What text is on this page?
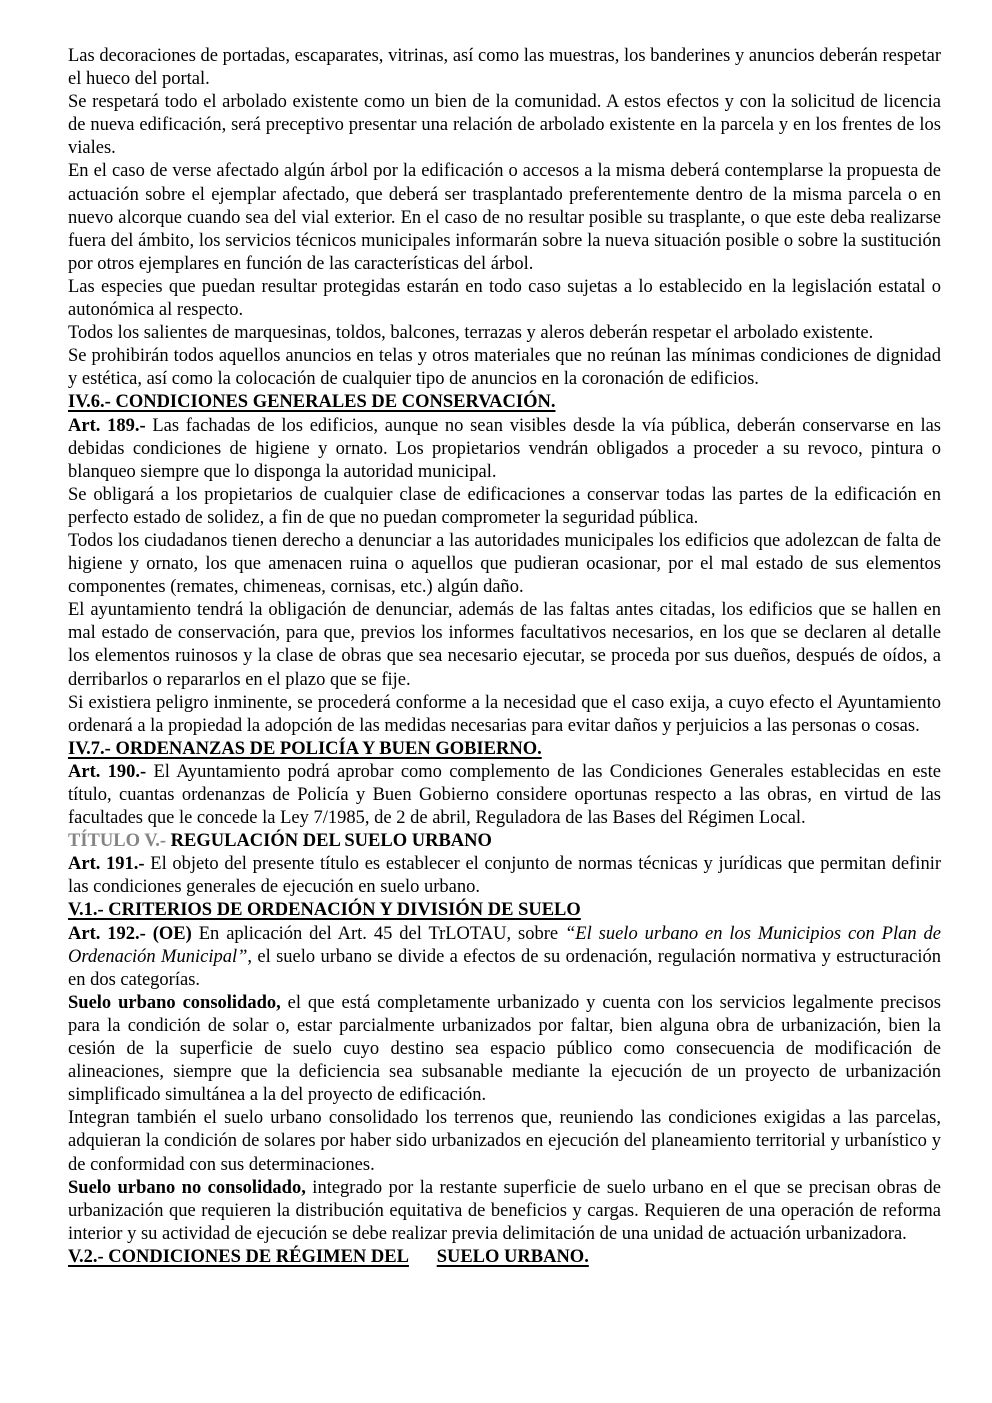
Las decoraciones de portadas, escaparates, vitrinas, así como las muestras, los banderines y anuncios deberán respetar el hueco del portal.

Se respetará todo el arbolado existente como un bien de la comunidad. A estos efectos y con la solicitud de licencia de nueva edificación, será preceptivo presentar una relación de arbolado existente en la parcela y en los frentes de los viales.

En el caso de verse afectado algún árbol por la edificación o accesos a la misma deberá contemplarse la propuesta de actuación sobre el ejemplar afectado, que deberá ser trasplantado preferentemente dentro de la misma parcela o en nuevo alcorque cuando sea del vial exterior. En el caso de no resultar posible su trasplante, o que este deba realizarse fuera del ámbito, los servicios técnicos municipales informarán sobre la nueva situación posible o sobre la sustitución por otros ejemplares en función de las características del árbol.

Las especies que puedan resultar protegidas estarán en todo caso sujetas a lo establecido en la legislación estatal o autonómica al respecto.

Todos los salientes de marquesinas, toldos, balcones, terrazas y aleros deberán respetar el arbolado existente.

Se prohibirán todos aquellos anuncios en telas y otros materiales que no reúnan las mínimas condiciones de dignidad y estética, así como la colocación de cualquier tipo de anuncios en la coronación de edificios.

IV.6.- CONDICIONES GENERALES DE CONSERVACIÓN.

Art. 189.- Las fachadas de los edificios, aunque no sean visibles desde la vía pública, deberán conservarse en las debidas condiciones de higiene y ornato. Los propietarios vendrán obligados a proceder a su revoco, pintura o blanqueo siempre que lo disponga la autoridad municipal.

Se obligará a los propietarios de cualquier clase de edificaciones a conservar todas las partes de la edificación en perfecto estado de solidez, a fin de que no puedan comprometer la seguridad pública.

Todos los ciudadanos tienen derecho a denunciar a las autoridades municipales los edificios que adolezcan de falta de higiene y ornato, los que amenacen ruina o aquellos que pudieran ocasionar, por el mal estado de sus elementos componentes (remates, chimeneas, cornisas, etc.) algún daño.

El ayuntamiento tendrá la obligación de denunciar, además de las faltas antes citadas, los edificios que se hallen en mal estado de conservación, para que, previos los informes facultativos necesarios, en los que se declaren al detalle los elementos ruinosos y la clase de obras que sea necesario ejecutar, se proceda por sus dueños, después de oídos, a derribarlos o repararlos en el plazo que se fije.

Si existiera peligro inminente, se procederá conforme a la necesidad que el caso exija, a cuyo efecto el Ayuntamiento ordenará a la propiedad la adopción de las medidas necesarias para evitar daños y perjuicios a las personas o cosas.

IV.7.- ORDENANZAS DE POLICÍA Y BUEN GOBIERNO.

Art. 190.- El Ayuntamiento podrá aprobar como complemento de las Condiciones Generales establecidas en este título, cuantas ordenanzas de Policía y Buen Gobierno considere oportunas respecto a las obras, en virtud de las facultades que le concede la Ley 7/1985, de 2 de abril, Reguladora de las Bases del Régimen Local.

TÍTULO V.- REGULACIÓN DEL SUELO URBANO

Art. 191.- El objeto del presente título es establecer el conjunto de normas técnicas y jurídicas que permitan definir las condiciones generales de ejecución en suelo urbano.

V.1.- CRITERIOS DE ORDENACIÓN Y DIVISIÓN DE SUELO

Art. 192.- (OE) En aplicación del Art. 45 del TrLOTAU, sobre “El suelo urbano en los Municipios con Plan de Ordenación Municipal”, el suelo urbano se divide a efectos de su ordenación, regulación normativa y estructuración en dos categorías.

Suelo urbano consolidado, el que está completamente urbanizado y cuenta con los servicios legalmente precisos para la condición de solar o, estar parcialmente urbanizados por faltar, bien alguna obra de urbanización, bien la cesión de la superficie de suelo cuyo destino sea espacio público como consecuencia de modificación de alineaciones, siempre que la deficiencia sea subsanable mediante la ejecución de un proyecto de urbanización simplificado simultánea a la del proyecto de edificación.

Integran también el suelo urbano consolidado los terrenos que, reuniendo las condiciones exigidas a las parcelas, adquieran la condición de solares por haber sido urbanizados en ejecución del planeamiento territorial y urbanístico y de conformidad con sus determinaciones.

Suelo urbano no consolidado, integrado por la restante superficie de suelo urbano en el que se precisan obras de urbanización que requieren la distribución equitativa de beneficios y cargas. Requieren de una operación de reforma interior y su actividad de ejecución se debe realizar previa delimitación de una unidad de actuación urbanizadora.

V.2.- CONDICIONES DE RÉGIMEN DEL SUELO URBANO.
